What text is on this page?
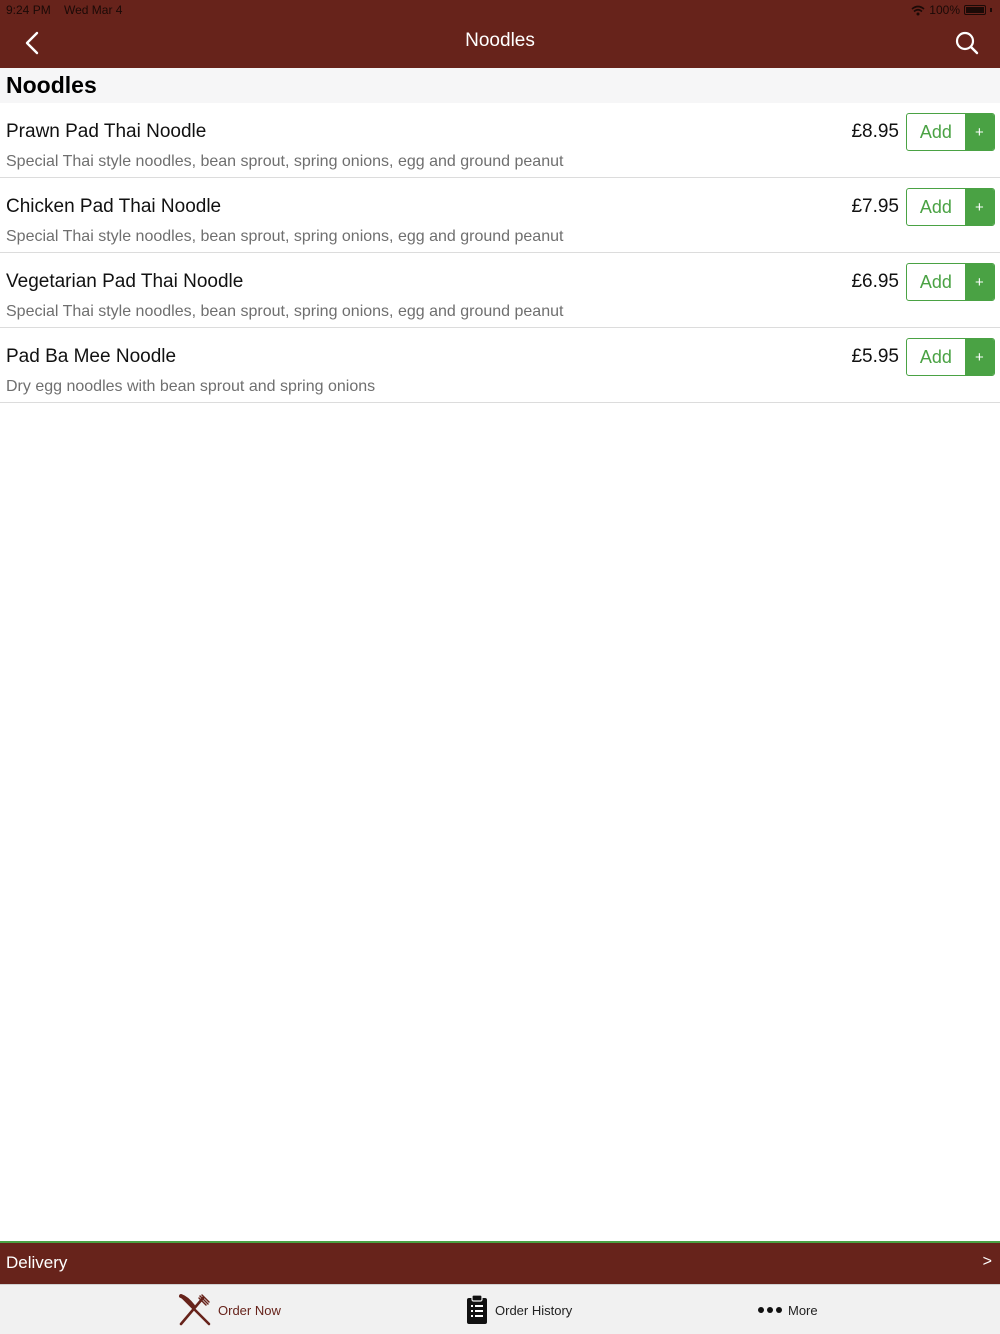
9:24 PM Wed Mar 4	100%
Noodles
Noodles
Prawn Pad Thai Noodle
Special Thai style noodles, bean sprout, spring onions, egg and ground peanut
£8.95	Add	+
Chicken Pad Thai Noodle
Special Thai style noodles, bean sprout, spring onions, egg and ground peanut
£7.95	Add	+
Vegetarian Pad Thai Noodle
Special Thai style noodles, bean sprout, spring onions, egg and ground peanut
£6.95	Add	+
Pad Ba Mee Noodle
Dry egg noodles with bean sprout and spring onions
£5.95	Add	+
Delivery	>
Order Now	Order History	More
